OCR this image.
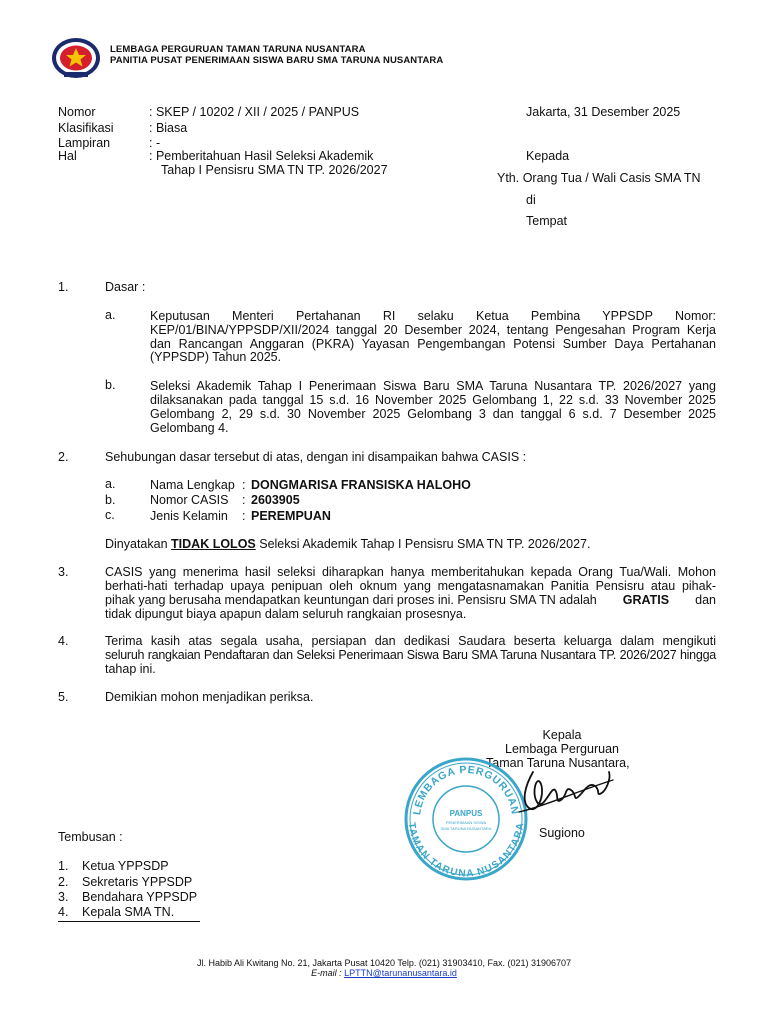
LEMBAGA PERGURUAN TAMAN TARUNA NUSANTARA
PANITIA PUSAT PENERIMAAN SISWA BARU SMA TARUNA NUSANTARA
Nomor	: SKEP / 10202 / XII / 2025 / PANPUS
Klasifikasi	: Biasa
Lampiran	: -
Hal	: Pemberitahuan Hasil Seleksi Akademik
Tahap I Pensisru SMA TN TP. 2026/2027
Jakarta, 31 Desember 2025
Kepada
Yth. Orang Tua / Wali Casis SMA TN
di
Tempat
1.	Dasar :
a.	Keputusan Menteri Pertahanan RI selaku Ketua Pembina YPPSDP Nomor:
KEP/01/BINA/YPPSDP/XII/2024 tanggal 20 Desember 2024, tentang Pengesahan Program Kerja
dan Rancangan Anggaran (PKRA) Yayasan Pengembangan Potensi Sumber Daya Pertahanan
(YPPSDP) Tahun 2025.
b.	Seleksi Akademik Tahap I Penerimaan Siswa Baru SMA Taruna Nusantara TP. 2026/2027 yang
dilaksanakan pada tanggal 15 s.d. 16 November 2025 Gelombang 1, 22 s.d. 33 November 2025
Gelombang 2, 29 s.d. 30 November 2025 Gelombang 3 dan tanggal 6 s.d. 7 Desember 2025
Gelombang 4.
2.	Sehubungan dasar tersebut di atas, dengan ini disampaikan bahwa CASIS :
a.	Nama Lengkap : DONGMARISA FRANSISKA HALOHO
b.	Nomor CASIS : 2603905
c.	Jenis Kelamin : PEREMPUAN
Dinyatakan TIDAK LOLOS Seleksi Akademik Tahap I Pensisru SMA TN TP. 2026/2027.
3.	CASIS yang menerima hasil seleksi diharapkan hanya memberitahukan kepada Orang Tua/Wali. Mohon
berhati-hati terhadap upaya penipuan oleh oknum yang mengatasnamakan Panitia Pensisru atau pihak-
pihak yang berusaha mendapatkan keuntungan dari proses ini. Pensisru SMA TN adalah GRATIS dan
tidak dipungut biaya apapun dalam seluruh rangkaian prosesnya.
4.	Terima kasih atas segala usaha, persiapan dan dedikasi Saudara beserta keluarga dalam mengikuti
seluruh rangkaian Pendaftaran dan Seleksi Penerimaan Siswa Baru SMA Taruna Nusantara TP. 2026/2027 hingga
tahap ini.
5.	Demikian mohon menjadikan periksa.
Kepala
Lembaga Perguruan
Taman Taruna Nusantara,
LEMBAGA PERGURUAN
TAMAN TARUNA NUSANTARA
PANPUS
PENERIMAAN SISWA
SMA TARUNA NUSANTARA	Sugiono
Tembusan :
1. Ketua YPPSDP
2. Sekretaris YPPSDP
3. Bendahara YPPSDP
4. Kepala SMA TN.
Jl. Habib Ali Kwitang No. 21, Jakarta Pusat 10420 Telp. (021) 31903410, Fax. (021) 31906707
E-mail : LPTTN@tarunanusantara.id
